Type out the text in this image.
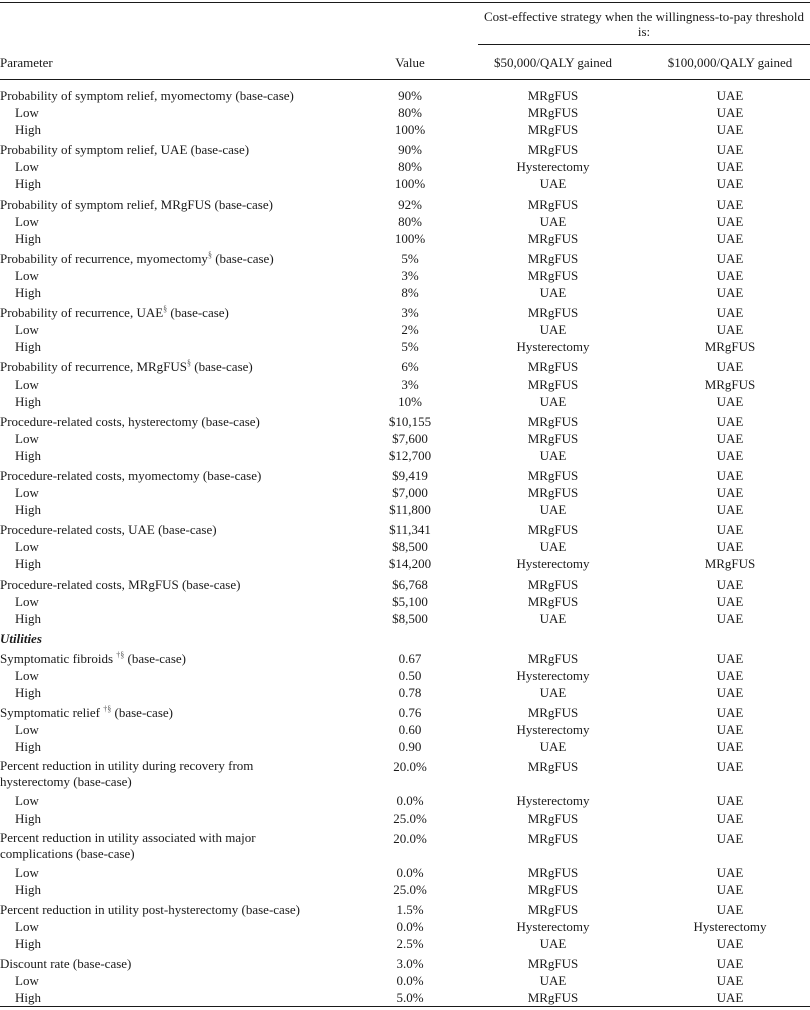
Cost-effective strategy when the willingness-to-pay threshold is:
Parameter	Value	$50,000/QALY gained	$100,000/QALY gained
Probability of symptom relief, myomectomy (base-case)	90%	MRgFUS	UAE
Low	80%	MRgFUS	UAE
High	100%	MRgFUS	UAE
Probability of symptom relief, UAE (base-case)	90%	MRgFUS	UAE
Low	80%	Hysterectomy	UAE
High	100%	UAE	UAE
Probability of symptom relief, MRgFUS (base-case)	92%	MRgFUS	UAE
Low	80%	UAE	UAE
High	100%	MRgFUS	UAE
Probability of recurrence, myomectomy§ (base-case)	5%	MRgFUS	UAE
Low	3%	MRgFUS	UAE
High	8%	UAE	UAE
Probability of recurrence, UAE§ (base-case)	3%	MRgFUS	UAE
Low	2%	UAE	UAE
High	5%	Hysterectomy	MRgFUS
Probability of recurrence, MRgFUS§ (base-case)	6%	MRgFUS	UAE
Low	3%	MRgFUS	MRgFUS
High	10%	UAE	UAE
Procedure-related costs, hysterectomy (base-case)	$10,155	MRgFUS	UAE
Low	$7,600	MRgFUS	UAE
High	$12,700	UAE	UAE
Procedure-related costs, myomectomy (base-case)	$9,419	MRgFUS	UAE
Low	$7,000	MRgFUS	UAE
High	$11,800	UAE	UAE
Procedure-related costs, UAE (base-case)	$11,341	MRgFUS	UAE
Low	$8,500	UAE	UAE
High	$14,200	Hysterectomy	MRgFUS
Procedure-related costs, MRgFUS (base-case)	$6,768	MRgFUS	UAE
Low	$5,100	MRgFUS	UAE
High	$8,500	UAE	UAE
Utilities
Symptomatic fibroids †§ (base-case)	0.67	MRgFUS	UAE
Low	0.50	Hysterectomy	UAE
High	0.78	UAE	UAE
Symptomatic relief †§ (base-case)	0.76	MRgFUS	UAE
Low	0.60	Hysterectomy	UAE
High	0.90	UAE	UAE
Percent reduction in utility during recovery from hysterectomy (base-case)
20.0%	MRgFUS	UAE
Low	0.0%	Hysterectomy	UAE
High	25.0%	MRgFUS	UAE
Percent reduction in utility associated with major complications (base-case)
20.0%	MRgFUS	UAE
Low	0.0%	MRgFUS	UAE
High	25.0%	MRgFUS	UAE
Percent reduction in utility post-hysterectomy (base-case)	1.5%	MRgFUS	UAE
Low	0.0%	Hysterectomy	Hysterectomy
High	2.5%	UAE	UAE
Discount rate (base-case)	3.0%	MRgFUS	UAE
Low	0.0%	UAE	UAE
High	5.0%	MRgFUS	UAE
